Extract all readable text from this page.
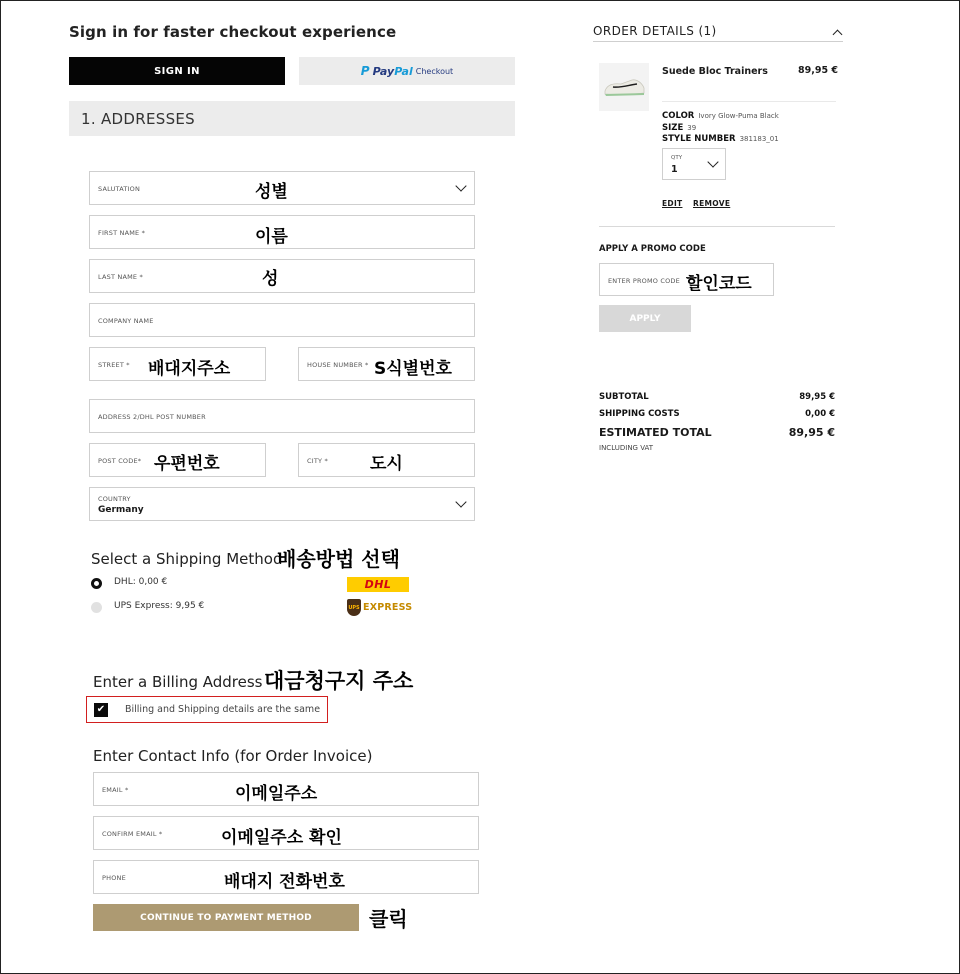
Sign in for faster checkout experience
SIGN IN	P Pay Pal Checkout
1. ADDRESSES
SALUTATION	성별
FIRST NAME *	이름
LAST NAME *	성
COMPANY NAME
STREET * 배대지주소	HOUSE NUMBER * S식별번호
ADDRESS 2/DHL POST NUMBER
POST CODE* 우편번호	CITY * 도시
COUNTRY
Germany
Select a Shipping Method
배송방법 선택
DHL: 0,00 €	DHL
UPS Express: 9,95 €	UPS EXPRESS
Enter a Billing Address 대금청구지 주소
✔ Billing and Shipping details are the same
Enter Contact Info (for Order Invoice)
EMAIL *	이메일주소
CONFIRM EMAIL *	이메일주소 확인
PHONE	배대지 전화번호
CONTINUE TO PAYMENT METHOD	클릭
ORDER DETAILS (1)
Suede Bloc Trainers	89,95 €
COLOR Ivory Glow-Puma Black
SIZE 39
STYLE NUMBER 381183_01
QTY
1
EDIT REMOVE
APPLY A PROMO CODE
ENTER PROMO CODE 할인코드
APPLY
SUBTOTAL	89,95 €
SHIPPING COSTS	0,00 €
ESTIMATED TOTAL	89,95 €
INCLUDING VAT
